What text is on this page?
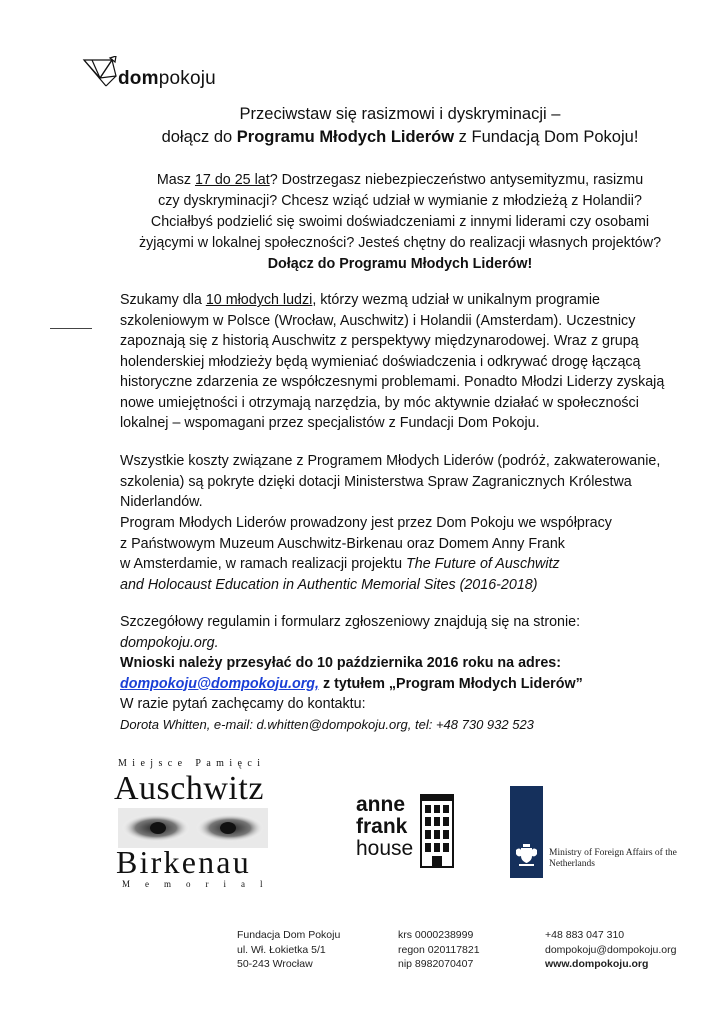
dompokoju
Przeciwstaw się rasizmowi i dyskryminacji –
dołącz do Programu Młodych Liderów z Fundacją Dom Pokoju!
Masz 17 do 25 lat? Dostrzegasz niebezpieczeństwo antysemityzmu, rasizmu
czy dyskryminacji? Chcesz wziąć udział w wymianie z młodzieżą z Holandii?
Chciałbyś podzielić się swoimi doświadczeniami z innymi liderami czy osobami
żyjącymi w lokalnej społeczności? Jesteś chętny do realizacji własnych projektów?
Dołącz do Programu Młodych Liderów!
Szukamy dla 10 młodych ludzi, którzy wezmą udział w unikalnym programie
szkoleniowym w Polsce (Wrocław, Auschwitz) i Holandii (Amsterdam). Uczestnicy
zapoznają się z historią Auschwitz z perspektywy międzynarodowej. Wraz z grupą
holenderskiej młodzieży będą wymieniać doświadczenia i odkrywać drogę łączącą
historyczne zdarzenia ze współczesnymi problemami. Ponadto Młodzi Liderzy zyskają
nowe umiejętności i otrzymają narzędzia, by móc aktywnie działać w społeczności
lokalnej – wspomagani przez specjalistów z Fundacji Dom Pokoju.
Wszystkie koszty związane z Programem Młodych Liderów (podróż, zakwaterowanie,
szkolenia) są pokryte dzięki dotacji Ministerstwa Spraw Zagranicznych Królestwa
Niderlandów.
Program Młodych Liderów prowadzony jest przez Dom Pokoju we współpracy
z Państwowym Muzeum Auschwitz-Birkenau oraz Domem Anny Frank
w Amsterdamie, w ramach realizacji projektu The Future of Auschwitz
and Holocaust Education in Authentic Memorial Sites (2016-2018)
Szczegółowy regulamin i formularz zgłoszeniowy znajdują się na stronie:
dompokoju.org.
Wnioski należy przesyłać do 10 października 2016 roku na adres:
dompokoju@dompokoju.org, z tytułem „Program Młodych Liderów”
W razie pytań zachęcamy do kontaktu:
Dorota Whitten, e-mail: d.whitten@dompokoju.org, tel: +48 730 932 523
Miejsce Pamięci
Auschwitz
Birkenau
Memorial
anne
frank
house	Ministry of Foreign Affairs of the
Netherlands
Fundacja Dom Pokoju
ul. Wł. Łokietka 5/1
50-243 Wrocław
krs 0000238999
regon 020117821
nip 8982070407
+48 883 047 310
dompokoju@dompokoju.org
www.dompokoju.org
